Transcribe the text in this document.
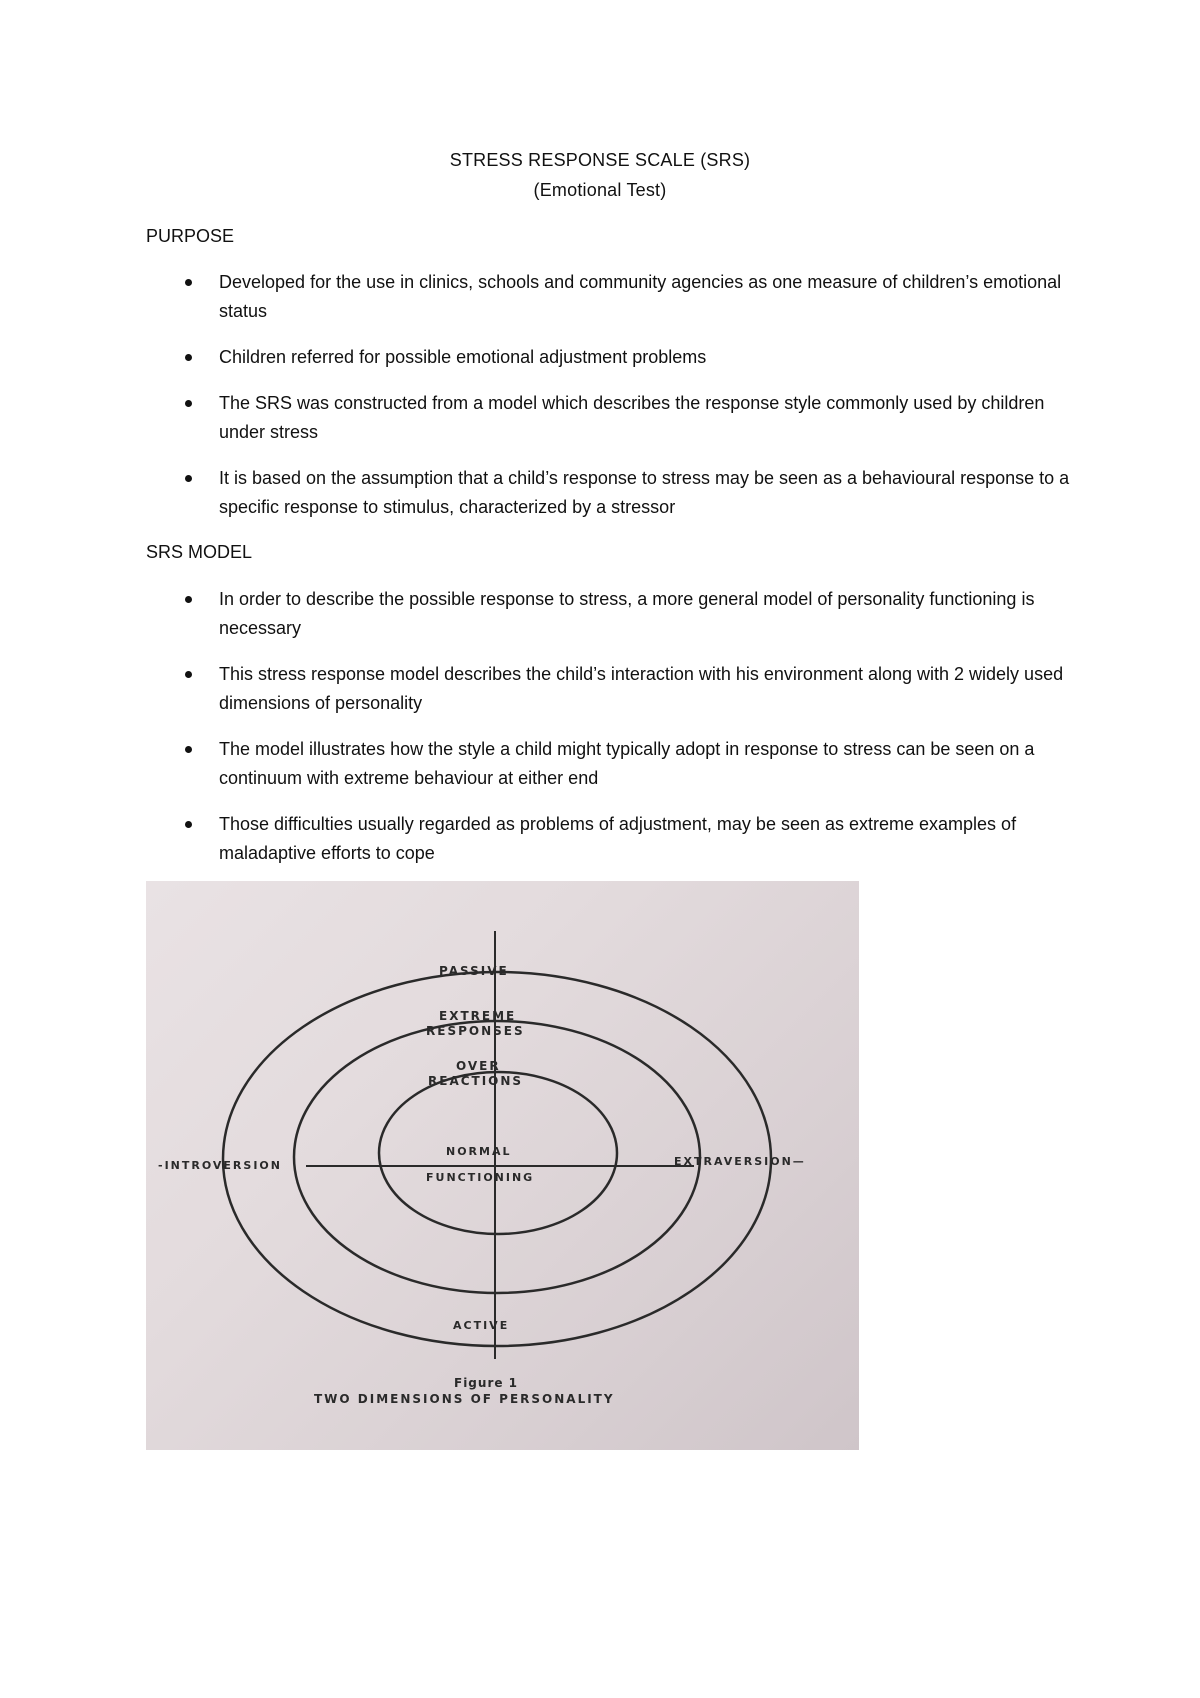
STRESS RESPONSE SCALE (SRS)
(Emotional Test)
PURPOSE
Developed for the use in clinics, schools and community agencies as one measure of children’s emotional status
Children referred for possible emotional adjustment problems
The SRS was constructed from a model which describes the response style commonly used by children under stress
It is based on the assumption that a child’s response to stress may be seen as a behavioural response to a specific response to stimulus, characterized by a stressor
SRS MODEL
In order to describe the possible response to stress, a more general model of personality functioning is necessary
This stress response model describes the child’s interaction with his environment along with 2 widely used dimensions of personality
The model illustrates how the style a child might typically adopt in response to stress can be seen on a continuum with extreme behaviour at either end
Those difficulties usually regarded as problems of adjustment, may be seen as extreme examples of maladaptive efforts to cope
PASSIVE
EXTREME
RESPONSES
OVER
REACTIONS
NORMAL
FUNCTIONING
-INTROVERSION	EXTRAVERSION—
ACTIVE
Figure 1
TWO DIMENSIONS OF PERSONALITY
